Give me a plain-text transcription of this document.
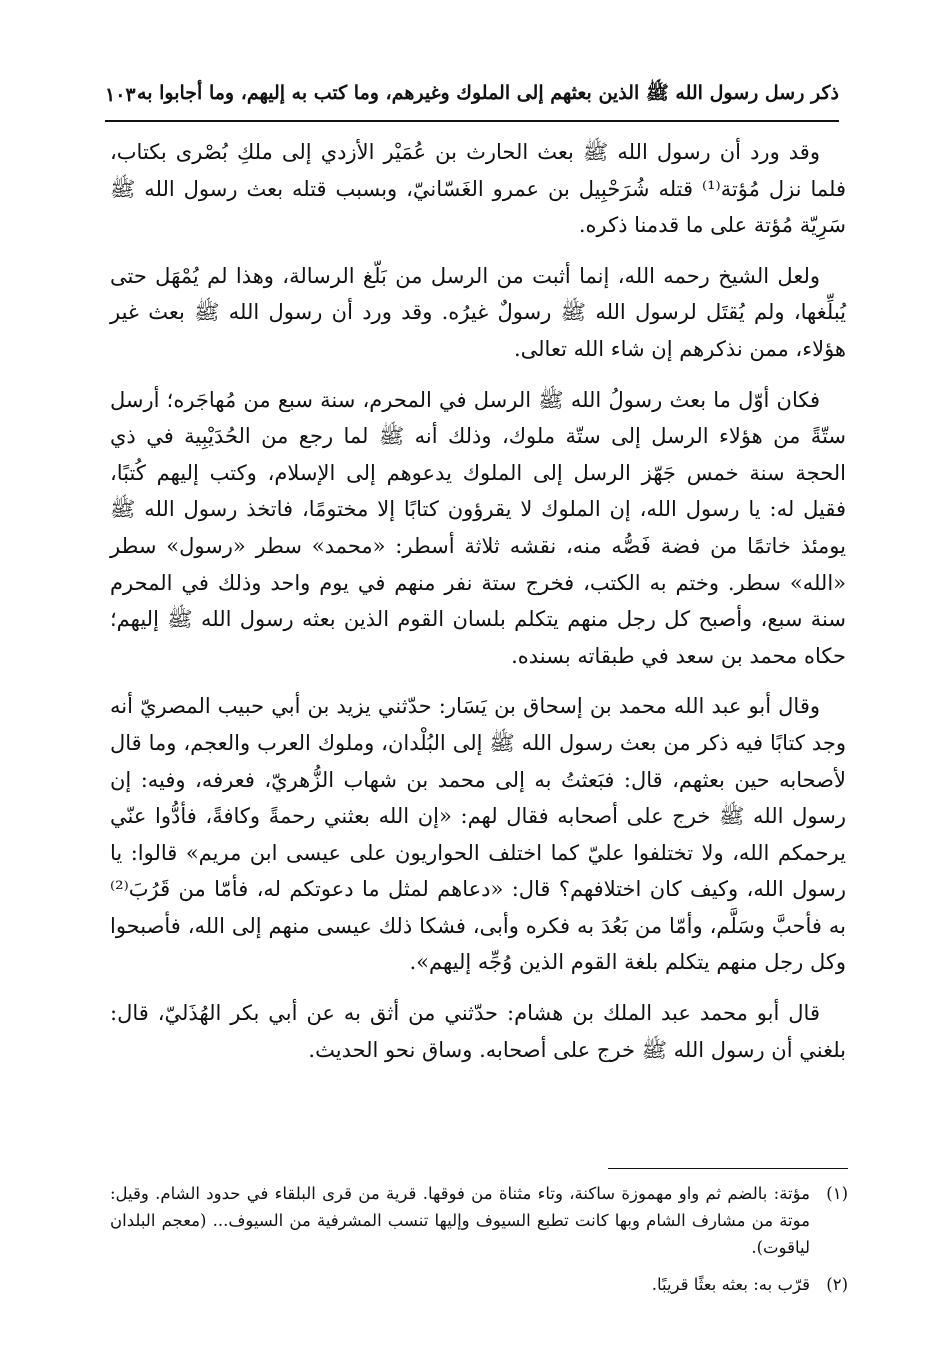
ذكر رسل رسول الله ﷺ الذين بعثهم إلى الملوك وغيرهم، وما كتب به إليهم، وما أجابوا به
١٠٣

وقد ورد أن رسول الله ﷺ بعث الحارث بن عُمَيْر الأزدي إلى ملكِ بُصْرى بكتاب، فلما نزل مُؤتة⁽¹⁾ قتله شُرَحْبِيل بن عمرو الغَسّانيّ، وبسبب قتله بعث رسول الله ﷺ سَرِيّة مُؤتة على ما قدمنا ذكره.

ولعل الشيخ رحمه الله، إنما أثبت من الرسل من بَلّغ الرسالة، وهذا لم يُمْهَل حتى يُبلِّغها، ولم يُقتَل لرسول الله ﷺ رسولٌ غيرُه. وقد ورد أن رسول الله ﷺ بعث غير هؤلاء، ممن نذكرهم إن شاء الله تعالى.

فكان أوّل ما بعث رسولُ الله ﷺ الرسل في المحرم، سنة سبع من مُهاجَره؛ أرسل ستّةً من هؤلاء الرسل إلى ستّة ملوك، وذلك أنه ﷺ لما رجع من الحُدَيْبِية في ذي الحجة سنة خمس جَهّز الرسل إلى الملوك يدعوهم إلى الإسلام، وكتب إليهم كُتبًا، فقيل له: يا رسول الله، إن الملوك لا يقرؤون كتابًا إلا مختومًا، فاتخذ رسول الله ﷺ يومئذ خاتمًا من فضة فَصُّه منه، نقشه ثلاثة أسطر: «محمد» سطر «رسول» سطر «الله» سطر. وختم به الكتب، فخرج ستة نفر منهم في يوم واحد وذلك في المحرم سنة سبع، وأصبح كل رجل منهم يتكلم بلسان القوم الذين بعثه رسول الله ﷺ إليهم؛ حكاه محمد بن سعد في طبقاته بسنده.

وقال أبو عبد الله محمد بن إسحاق بن يَسَار: حدّثني يزيد بن أبي حبيب المصريّ أنه وجد كتابًا فيه ذكر من بعث رسول الله ﷺ إلى البُلْدان، وملوك العرب والعجم، وما قال لأصحابه حين بعثهم، قال: فبَعثتُ به إلى محمد بن شهاب الزُّهريّ، فعرفه، وفيه: إن رسول الله ﷺ خرج على أصحابه فقال لهم: «إن الله بعثني رحمةً وكافةً، فأدُّوا عنّي يرحمكم الله، ولا تختلفوا عليّ كما اختلف الحواريون على عيسى ابن مريم» قالوا: يا رسول الله، وكيف كان اختلافهم؟ قال: «دعاهم لمثل ما دعوتكم له، فأمّا من قَرُبَ⁽²⁾ به فأحبَّ وسَلَّم، وأمّا من بَعُدَ به فكره وأبى، فشكا ذلك عيسى منهم إلى الله، فأصبحوا وكل رجل منهم يتكلم بلغة القوم الذين وُجِّه إليهم».

قال أبو محمد عبد الملك بن هشام: حدّثني من أثق به عن أبي بكر الهُذَليّ، قال: بلغني أن رسول الله ﷺ خرج على أصحابه. وساق نحو الحديث.

(١)
مؤتة: بالضم ثم واو مهموزة ساكنة، وتاء مثناة من فوقها. قرية من قرى البلقاء في حدود الشام. وقيل: موتة من مشارف الشام وبها كانت تطبع السيوف وإليها تنسب المشرفية من السيوف... (معجم البلدان لياقوت).
(٢)
قرّب به: بعثه بعثًا قريبًا.
